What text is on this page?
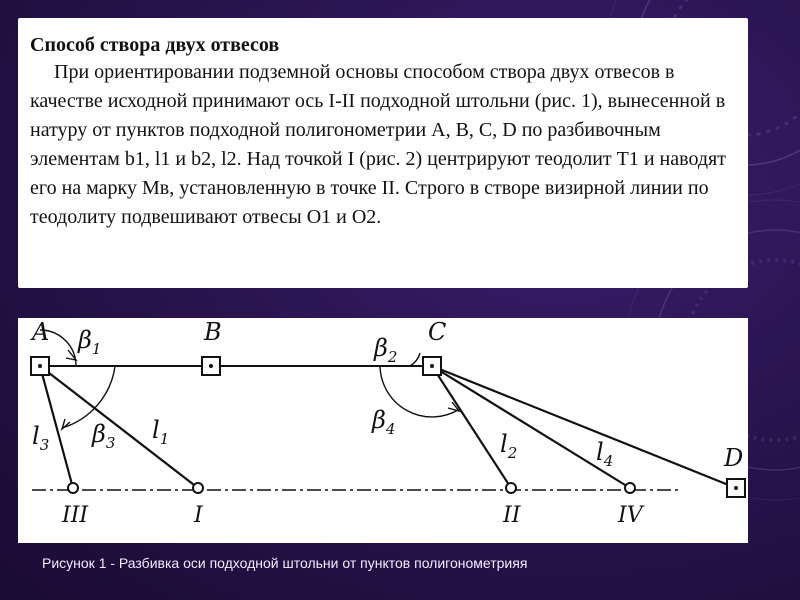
Способ створа двух отвесов

При ориентировании подземной основы способом створа двух отвесов в качестве исходной принимают ось I-II подходной штольни (рис. 1), вынесенной в натуру от пунктов подходной полигонометрии A, B, C, D по разбивочным элементам b1, l1 и b2, l2. Над точкой I (рис. 2) центрируют теодолит Т1 и наводят его на марку Мв, установленную в точке II. Строго в створе визирной линии по теодолиту подвешивают отвесы О1 и О2.

A	B	C
D
III	I	II	IV
$\beta_1$	$\beta_2$
$\beta_3$
$\beta_4$
$l_1$	$l_2$
$l_3$	$l_4$
Рисунок 1 - Разбивка оси подходной штольни от пунктов полигонометрияя
